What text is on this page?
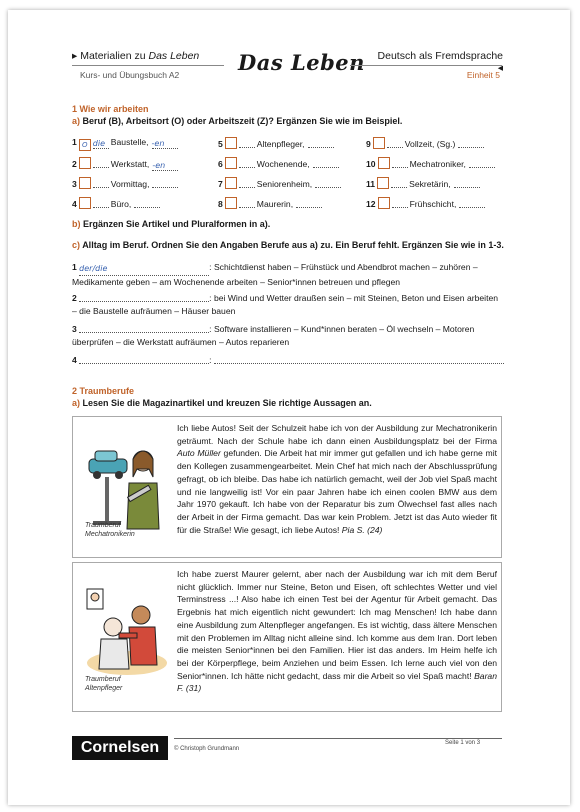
▸ Materialien zu Das Leben
Kurs- und Übungsbuch A2	Das Leben	Deutsch als Fremdsprache ◂
Einheit 5
1 Wie wir arbeiten
a) Beruf (B), Arbeitsort (O) oder Arbeitszeit (Z)? Ergänzen Sie wie im Beispiel.
1 O die Baustelle, -en	5	Altenpfleger,	9	Vollzeit, (Sg.)
2	Werkstatt, -en	6	Wochenende,	10	Mechatroniker,
3	Vormittag,	7	Seniorenheim,	11	Sekretärin,
4	Büro,	8	Maurerin,	12	Frühschicht,
b) Ergänzen Sie Artikel und Pluralformen in a).
c) Alltag im Beruf. Ordnen Sie den Angaben Berufe aus a) zu. Ein Beruf fehlt. Ergänzen Sie wie in 1-3.
1 der/die	: Schichtdienst haben – Frühstück und Abendbrot machen – zuhören – Medikamente geben – am Wochenende arbeiten – Senior*innen betreuen und pflegen
2	: bei Wind und Wetter draußen sein – mit Steinen, Beton und Eisen arbeiten – die Baustelle aufräumen – Häuser bauen
3	: Software installieren – Kund*innen beraten – Öl wechseln – Motoren überprüfen – die Werkstatt aufräumen – Autos reparieren
4	:
2 Traumberufe
a) Lesen Sie die Magazinartikel und kreuzen Sie richtige Aussagen an.
Traumberuf
Mechatronikerin
Ich liebe Autos! Seit der Schulzeit habe ich von der Ausbildung zur Mechatronikerin geträumt. Nach der Schule habe ich dann einen Ausbildungsplatz bei der Firma Auto Müller gefunden. Die Arbeit hat mir immer gut gefallen und ich habe gerne mit den Kollegen zusammengearbeitet. Mein Chef hat mich nach der Abschlussprüfung gefragt, ob ich bleibe. Das habe ich natürlich gemacht, weil der Job viel Spaß macht und nie langweilig ist! Vor ein paar Jahren habe ich einen coolen BMW aus dem Jahr 1970 gekauft. Ich habe von der Reparatur bis zum Ölwechsel fast alles nach der Arbeit in der Firma gemacht. Das war kein Problem. Jetzt ist das Auto wieder fit für die Straße! Wie gesagt, ich liebe Autos! Pia S. (24)
Traumberuf
Altenpfleger
Ich habe zuerst Maurer gelernt, aber nach der Ausbildung war ich mit dem Beruf nicht glücklich. Immer nur Steine, Beton und Eisen, oft schlechtes Wetter und viel Terminstress ...! Also habe ich einen Test bei der Agentur für Arbeit gemacht. Das Ergebnis hat mich eigentlich nicht gewundert: Ich mag Menschen! Ich habe dann eine Ausbildung zum Altenpfleger angefangen. Es ist wichtig, dass ältere Menschen mit den Problemen im Alltag nicht alleine sind. Ich komme aus dem Iran. Dort leben die meisten Senior*innen bei den Familien. Hier ist das anders. Im Heim helfe ich bei der Körperpflege, beim Anziehen und beim Essen. Ich lerne auch viel von den Senior*innen. Ich hätte nicht gedacht, dass mir die Arbeit so viel Spaß macht! Baran F. (31)
Cornelsen	© Christoph Grundmann
Seite 1 von 3
